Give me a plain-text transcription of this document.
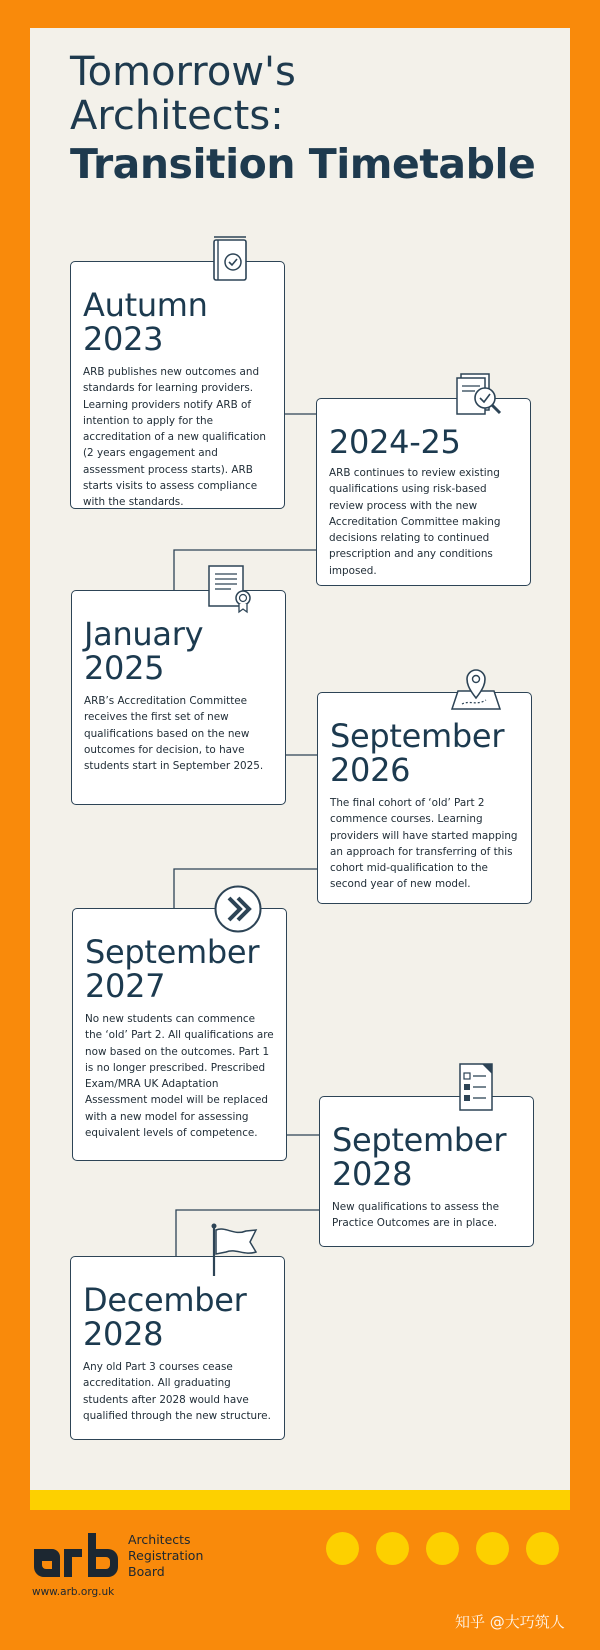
Tomorrow's
Architects:
Transition Timetable
Autumn
2023

ARB publishes new outcomes and standards for learning providers. Learning providers notify ARB of intention to apply for the accreditation of a new qualification (2 years engagement and assessment process starts). ARB starts visits to assess compliance with the standards.

2024-25

ARB continues to review existing qualifications using risk-based review process with the new Accreditation Committee making decisions relating to continued prescription and any conditions imposed.

January
2025

ARB’s Accreditation Committee receives the first set of new qualifications based on the new outcomes for decision, to have students start in September 2025.

September
2026

The final cohort of ‘old’ Part 2 commence courses. Learning providers will have started mapping an approach for transferring of this cohort mid-qualification to the second year of new model.

September
2027

No new students can commence the ‘old’ Part 2. All qualifications are now based on the outcomes. Part 1 is no longer prescribed. Prescribed Exam/MRA UK Adaptation Assessment model will be replaced with a new model for assessing equivalent levels of competence.	September
2028

New qualifications to assess the Practice Outcomes are in place.

December
2028

Any old Part 3 courses cease accreditation. All graduating students after 2028 would have qualified through the new structure.

Architects
Registration
Board
www.arb.org.uk
知乎 @大巧筑人
